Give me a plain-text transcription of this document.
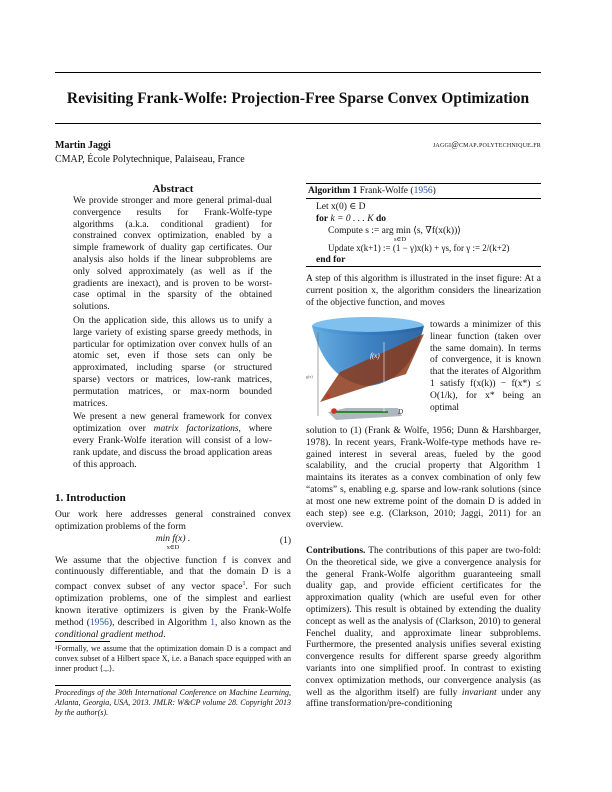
Revisiting Frank-Wolfe: Projection-Free Sparse Convex Optimization
Martin Jaggi	jaggi@cmap.polytechnique.fr
CMAP, École Polytechnique, Palaiseau, France
Abstract

We provide stronger and more general primal-dual convergence results for Frank-Wolfe-type algorithms (a.k.a. conditional gradient) for constrained convex optimization, enabled by a simple framework of duality gap certificates. Our analysis also holds if the linear subproblems are only solved approximately (as well as if the gradients are inexact), and is proven to be worst-case optimal in the sparsity of the obtained solutions.

On the application side, this allows us to unify a large variety of existing sparse greedy methods, in particular for optimization over convex hulls of an atomic set, even if those sets can only be approximated, including sparse (or structured sparse) vectors or matrices, low-rank matrices, permutation matrices, or max-norm bounded matrices.

We present a new general framework for convex optimization over matrix factorizations, where every Frank-Wolfe iteration will consist of a low-rank update, and discuss the broad application areas of this approach.

1. Introduction

Our work here addresses general constrained convex optimization problems of the form

min f(x) .
x∈D
(1)

We assume that the objective function f is convex and continuously differentiable, and that the domain D is a compact convex subset of any vector space$^1$. For such optimization problems, one of the simplest and earliest known iterative optimizers is given by the Frank-Wolfe method (1956), described in Algorithm 1, also known as the conditional gradient method.

¹Formally, we assume that the optimization domain D is a compact and convex subset of a Hilbert space X, i.e. a Banach space equipped with an inner product ⟨.,.⟩.
Proceedings of the 30th International Conference on Machine Learning, Atlanta, Georgia, USA, 2013. JMLR: W&CP volume 28. Copyright 2013 by the author(s).
Algorithm 1 Frank-Wolfe (1956)
Let x(0) ∈ D
for k = 0 . . . K do
Compute s := arg min ⟨s, ∇f(x(k))⟩
s∈D
Update x(k+1) := (1 − γ)x(k) + γs, for γ := 2/(k+2)
end for
A step of this algorithm is illustrated in the inset figure: At a current position x, the algorithm considers the linearization of the objective function, and moves
f(x)
g(x)
D
towards a minimizer of this linear function (taken over the same domain). In terms of convergence, it is known that the iterates of Algorithm 1 satisfy f(x(k)) − f(x*) ≤ O(1/k), for x* being an optimal
solution to (1) (Frank & Wolfe, 1956; Dunn & Harshbarger, 1978). In recent years, Frank-Wolfe-type methods have re-gained interest in several areas, fueled by the good scalability, and the crucial property that Algorithm 1 maintains its iterates as a convex combination of only few “atoms” s, enabling e.g. sparse and low-rank solutions (since at most one new extreme point of the domain D is added in each step) see e.g. (Clarkson, 2010; Jaggi, 2011) for an overview.
Contributions. The contributions of this paper are two-fold: On the theoretical side, we give a convergence analysis for the general Frank-Wolfe algorithm guaranteeing small duality gap, and provide efficient certificates for the approximation quality (which are useful even for other optimizers). This result is obtained by extending the duality concept as well as the analysis of (Clarkson, 2010) to general Fenchel duality, and approximate linear subproblems. Furthermore, the presented analysis unifies several existing convergence results for different sparse greedy algorithm variants into one simplified proof. In contrast to existing convex optimization methods, our convergence analysis (as well as the algorithm itself) are fully invariant under any affine transformation/pre-conditioning
